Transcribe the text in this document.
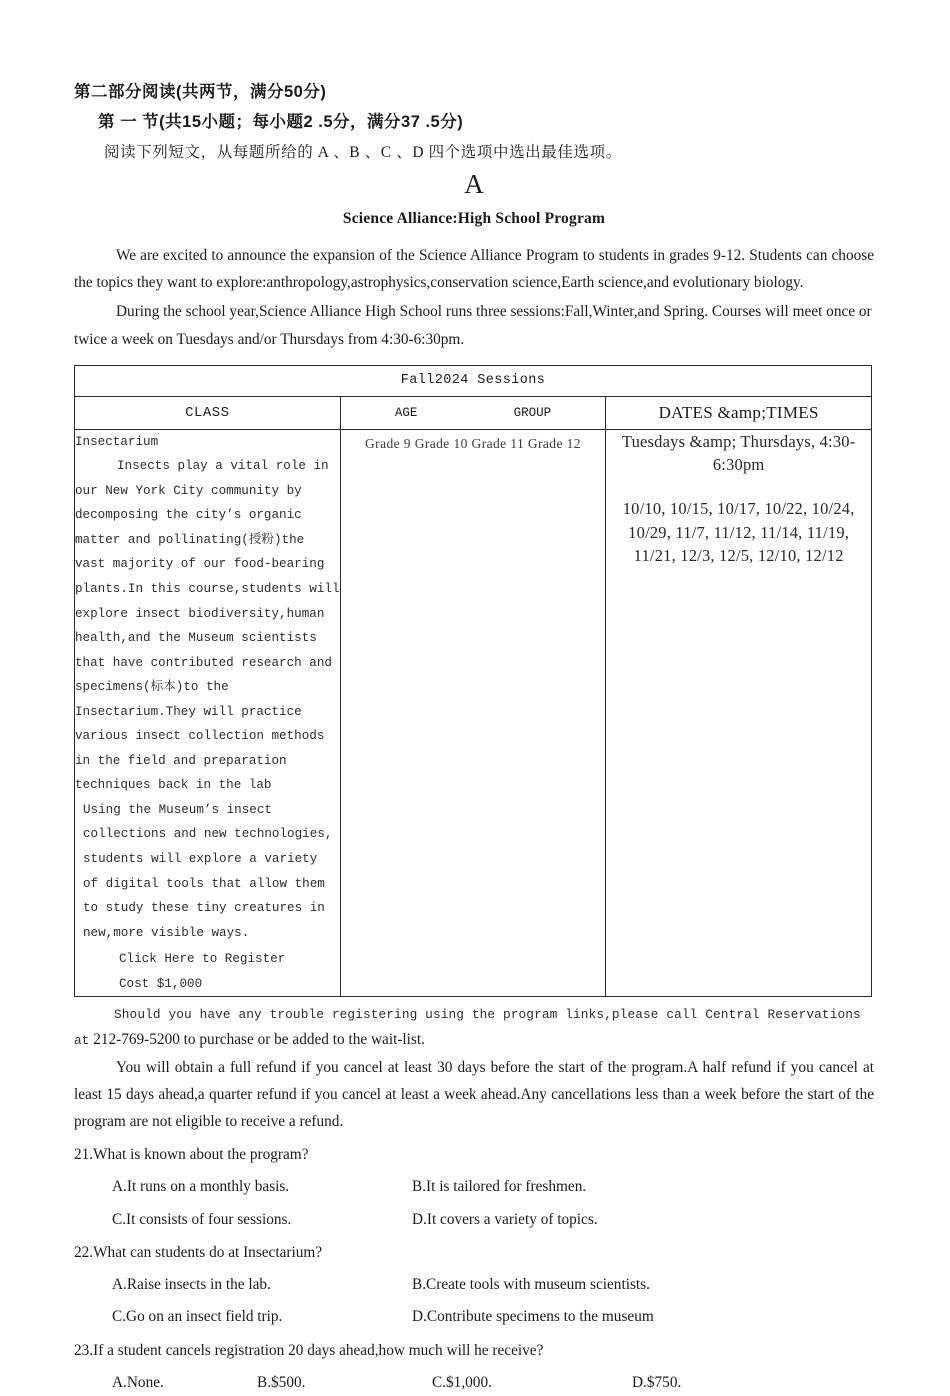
第二部分阅读(共两节，满分50分)
第 一 节(共15小题；每小题2 .5分，满分37 .5分)
阅读下列短文，从每题所给的 A 、B 、C 、D 四个选项中选出最佳选项。
A
Science Alliance:High School Program

We are excited to announce the expansion of the Science Alliance Program to students in grades 9-12. Students can choose the topics they want to explore:anthropology,astrophysics,conservation science,Earth science,and evolutionary biology.

During the school year,Science Alliance High School runs three sessions:Fall,Winter,and Spring. Courses will meet once or twice a week on Tuesdays and/or Thursdays from 4:30-6:30pm.

Fall2024 Sessions		
CLASS	AGE GROUP	DATES &amp;TIMES

Insectarium
Insects play a vital role in our New York City community by decomposing the city’s organic matter and pollinating(授粉)the vast majority of our food-bearing plants.In this course,students will explore insect biodiversity,human health,and the Museum scientists that have contributed research and specimens(标本)to the Insectarium.They will practice various insect collection methods in the field and preparation techniques back in the lab
Using the Museum’s insect collections and new technologies, students will explore a variety of digital tools that allow them to study these tiny creatures in new,more visible ways.
Click Here to Register
Cost $1,000	Grade 9 Grade 10 Grade 11 Grade 12	Tuesdays &amp; Thursdays, 4:30-6:30pm
10/10, 10/15, 10/17, 10/22, 10/24, 10/29, 11/7, 11/12, 11/14, 11/19, 11/21, 12/3, 12/5, 12/10, 12/12

Should you have any trouble registering using the program links,please call Central Reservations

at 212-769-5200 to purchase or be added to the wait-list.

You will obtain a full refund if you cancel at least 30 days before the start of the program.A half refund if you cancel at least 15 days ahead,a quarter refund if you cancel at least a week ahead.Any cancellations less than a week before the start of the program are not eligible to receive a refund.

21.What is known about the program?

A.It runs on a monthly basis.	B.It is tailored for freshmen.
C.It consists of four sessions.	D.It covers a variety of topics.

22.What can students do at Insectarium?

A.Raise insects in the lab.	B.Create tools with museum scientists.
C.Go on an insect field trip.	D.Contribute specimens to the museum

23.If a student cancels registration 20 days ahead,how much will he receive?

A.None.	B.$500.	C.$1,000.	D.$750.
